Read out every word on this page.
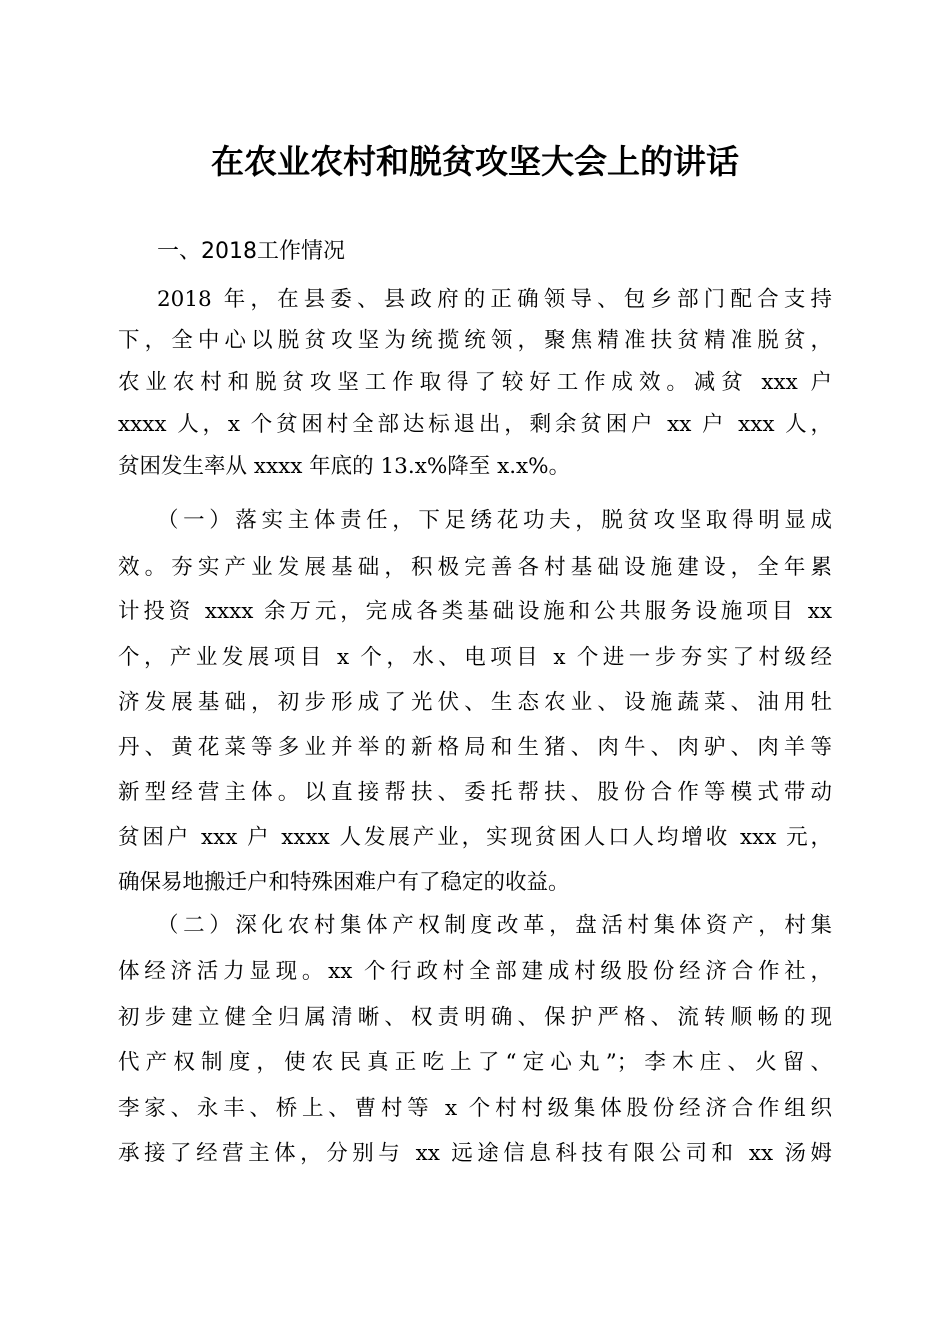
在农业农村和脱贫攻坚大会上的讲话
一、2018工作情况
2018 年，在县委、县政府的正确领导、包乡部门配合支持
下，全中心以脱贫攻坚为统揽统领，聚焦精准扶贫精准脱贫，
农业农村和脱贫攻坚工作取得了较好工作成效。减贫 xxx 户
xxxx 人，x 个贫困村全部达标退出，剩余贫困户 xx 户 xxx 人，
贫困发生率从 xxxx 年底的 13.x%降至 x.x%。
（一）落实主体责任，下足绣花功夫，脱贫攻坚取得明显成
效。夯实产业发展基础，积极完善各村基础设施建设，全年累
计投资 xxxx 余万元，完成各类基础设施和公共服务设施项目 xx
个，产业发展项目 x 个，水、电项目 x 个进一步夯实了村级经
济发展基础，初步形成了光伏、生态农业、设施蔬菜、油用牡
丹、黄花菜等多业并举的新格局和生猪、肉牛、肉驴、肉羊等
新型经营主体。以直接帮扶、委托帮扶、股份合作等模式带动
贫困户 xxx 户 xxxx 人发展产业，实现贫困人口人均增收 xxx 元，
确保易地搬迁户和特殊困难户有了稳定的收益。
（二）深化农村集体产权制度改革，盘活村集体资产，村集
体经济活力显现。xx 个行政村全部建成村级股份经济合作社，
初步建立健全归属清晰、权责明确、保护严格、流转顺畅的现
代产权制度，使农民真正吃上了“定心丸”；李木庄、火留、
李家、永丰、桥上、曹村等 x 个村村级集体股份经济合作组织
承接了经营主体，分别与 xx 远途信息科技有限公司和 xx 汤姆
